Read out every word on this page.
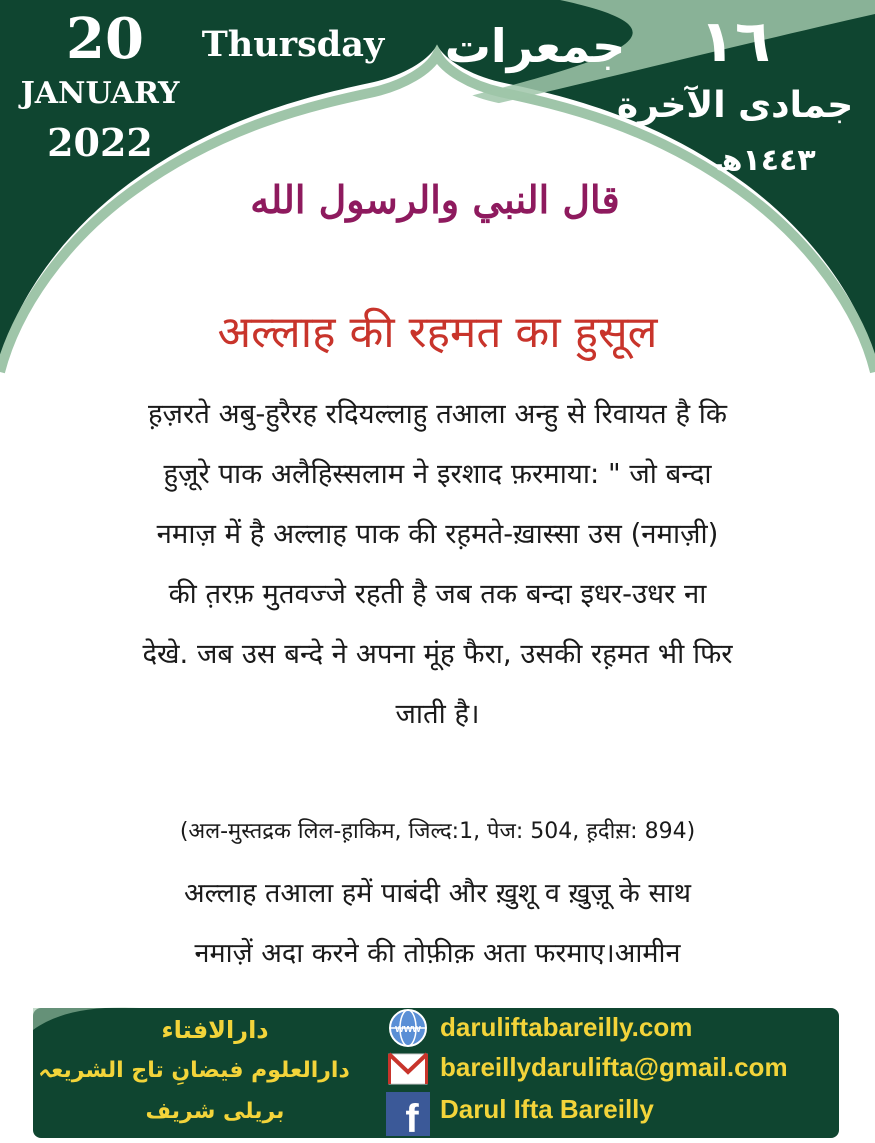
20
JANUARY
2022
Thursday	جمعرات	١٦
جمادى الآخرة
١٤٤٣ھ
قال النبي والرسول الله
अल्लाह की रहमत का हुसूल
ह़ज़रते अबु-हुरैरह रदियल्लाहु तआला अन्हु से रिवायत है कि
हुज़ूरे पाक अलैहिस्सलाम ने इरशाद फ़रमाया: " जो बन्दा
नमाज़ में है अल्लाह पाक की रह़मते-ख़ास्सा उस (नमाज़ी)
की त़रफ़ मुतवज्जे रहती है जब तक बन्दा इधर-उधर ना
देखे. जब उस बन्दे ने अपना मूंह फैरा, उसकी रह़मत भी फिर
जाती है।
(अल-मुस्तद्रक लिल-ह़ाकिम, जिल्द:1, पेज: 504, ह़दीस़: 894)
अल्लाह तआला हमें पाबंदी और ख़ुशू व ख़ुज़ू के साथ
नमाज़ें अदा करने की तोफ़ीक़ अता फरमाए।आमीन
دارالافتاء
دارالعلوم فیضانِ تاج الشریعہ
بریلی شریف
www
f
daruliftabareilly.com
bareillydarulifta@gmail.com
Darul Ifta Bareilly
